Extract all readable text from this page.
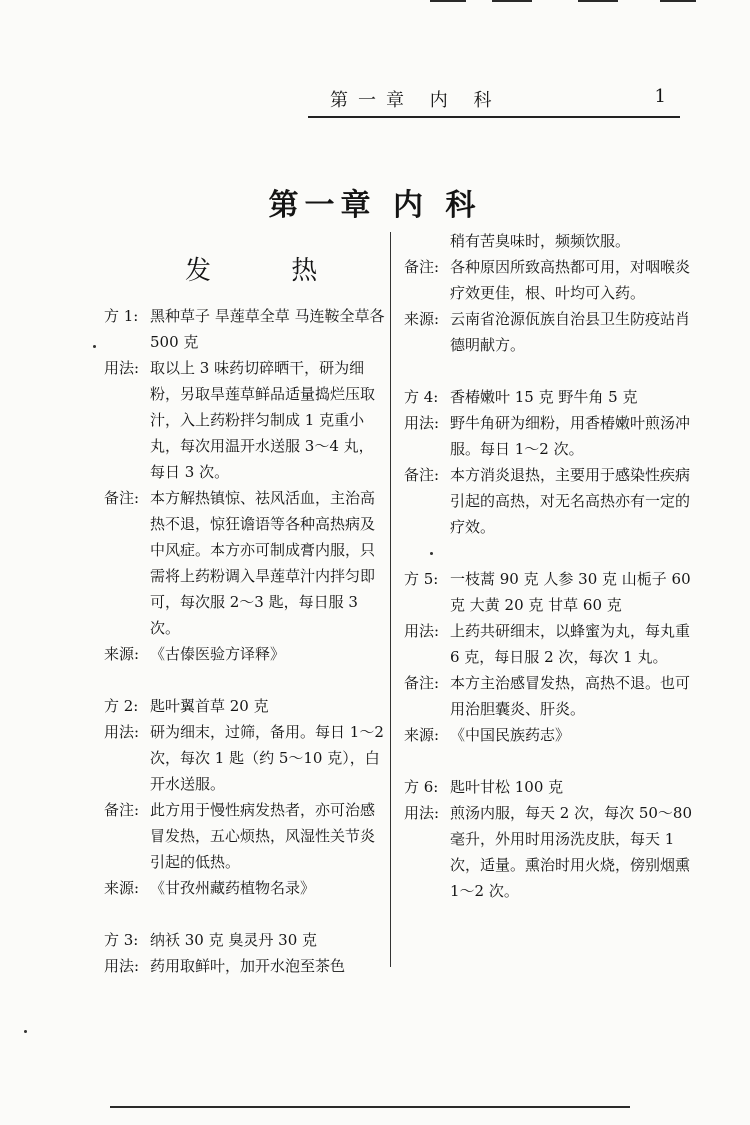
第一章 内 科	1
第一章 内 科
发 热
方 1: 黑种草子 旱莲草全草 马连鞍全草各 500 克
用法: 取以上 3 味药切碎晒干，研为细粉，另取旱莲草鲜品适量捣烂压取汁，入上药粉拌匀制成 1 克重小丸，每次用温开水送服 3～4 丸，每日 3 次。
备注: 本方解热镇惊、祛风活血，主治高热不退，惊狂谵语等各种高热病及中风症。本方亦可制成膏内服，只需将上药粉调入旱莲草汁内拌匀即可，每次服 2～3 匙，每日服 3 次。
来源: 《古傣医验方译释》
方 2: 匙叶翼首草 20 克
用法: 研为细末，过筛，备用。每日 1～2 次，每次 1 匙（约 5～10 克），白开水送服。
备注: 此方用于慢性病发热者，亦可治感冒发热，五心烦热，风湿性关节炎引起的低热。
来源: 《甘孜州藏药植物名录》
方 3: 纳袄 30 克 臭灵丹 30 克
用法: 药用取鲜叶，加开水泡至茶色
稍有苦臭味时，频频饮服。
备注: 各种原因所致高热都可用，对咽喉炎疗效更佳，根、叶均可入药。
来源: 云南省沧源佤族自治县卫生防疫站肖德明献方。
方 4: 香椿嫩叶 15 克 野牛角 5 克
用法: 野牛角研为细粉，用香椿嫩叶煎汤冲服。每日 1～2 次。
备注: 本方消炎退热，主要用于感染性疾病引起的高热，对无名高热亦有一定的疗效。
方 5: 一枝蒿 90 克 人参 30 克 山栀子 60 克 大黄 20 克 甘草 60 克
用法: 上药共研细末，以蜂蜜为丸，每丸重 6 克，每日服 2 次，每次 1 丸。
备注: 本方主治感冒发热，高热不退。也可用治胆囊炎、肝炎。
来源: 《中国民族药志》
方 6: 匙叶甘松 100 克
用法: 煎汤内服，每天 2 次，每次 50～80 毫升，外用时用汤洗皮肤，每天 1 次，适量。熏治时用火烧，傍别烟熏 1～2 次。
